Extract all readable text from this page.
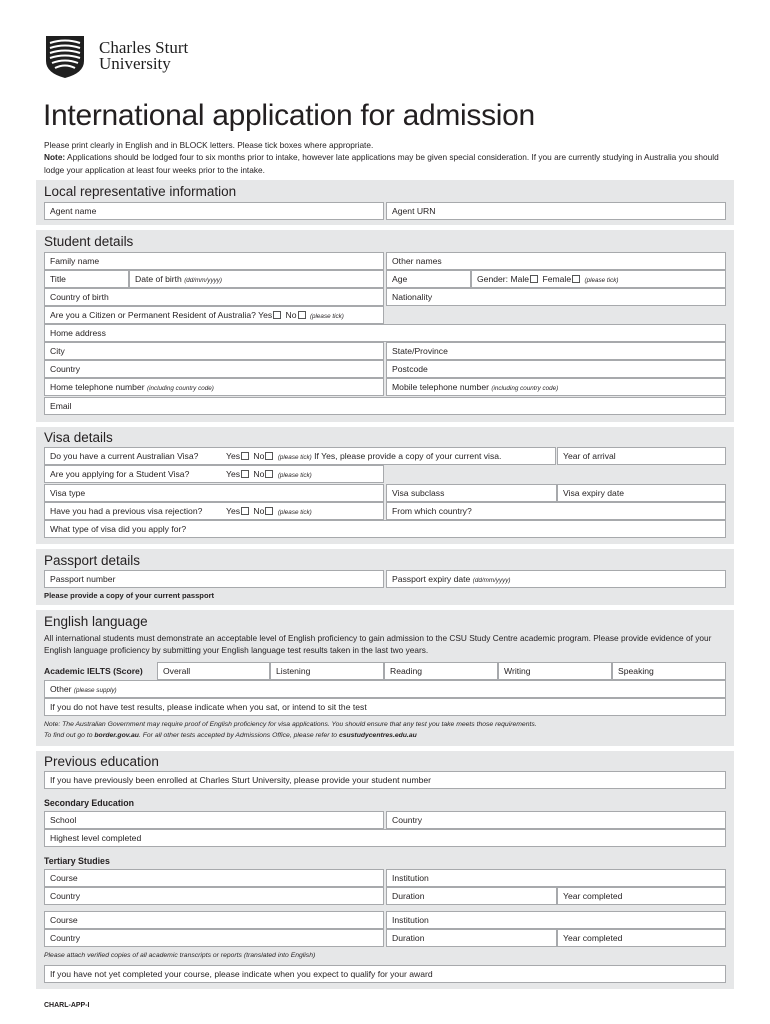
Charles Sturt
University
International application for admission
Please print clearly in English and in BLOCK letters. Please tick boxes where appropriate.
Note: Applications should be lodged four to six months prior to intake, however late applications may be given special consideration. If you are currently studying in Australia you should lodge your application at least four weeks prior to the intake.
Local representative information
Agent name	Agent URN
Student details
Family name	Other names
Title	Date of birth (dd/mm/yyyy)	Age	Gender: Male Female (please tick)
Country of birth	Nationality
Are you a Citizen or Permanent Resident of Australia? Yes No (please tick)
Home address
City	State/Province
Country	Postcode
Home telephone number (including country code)	Mobile telephone number (including country code)
Email
Visa details
Do you have a current Australian Visa?	Yes No (please tick) If Yes, please provide a copy of your current visa.	Year of arrival
Are you applying for a Student Visa?	Yes No (please tick)
Visa type	Visa subclass	Visa expiry date
Have you had a previous visa rejection?	Yes No (please tick)	From which country?
What type of visa did you apply for?
Passport details
Passport number	Passport expiry date (dd/mm/yyyy)
Please provide a copy of your current passport
English language
All international students must demonstrate an acceptable level of English proficiency to gain admission to the CSU Study Centre academic program. Please provide evidence of your English language proficiency by submitting your English language test results taken in the last two years.
Academic IELTS (Score)	Overall	Listening	Reading	Writing	Speaking
Other (please supply)
If you do not have test results, please indicate when you sat, or intend to sit the test
Note: The Australian Government may require proof of English proficiency for visa applications. You should ensure that any test you take meets those requirements.
To find out go to border.gov.au. For all other tests accepted by Admissions Office, please refer to csustudycentres.edu.au
Previous education
If you have previously been enrolled at Charles Sturt University, please provide your student number
Secondary Education
School	Country
Highest level completed
Tertiary Studies
Course	Institution
Country	Duration	Year completed
Course	Institution
Country	Duration	Year completed
Please attach verified copies of all academic transcripts or reports (translated into English)
If you have not yet completed your course, please indicate when you expect to qualify for your award
CHARL-APP-I
